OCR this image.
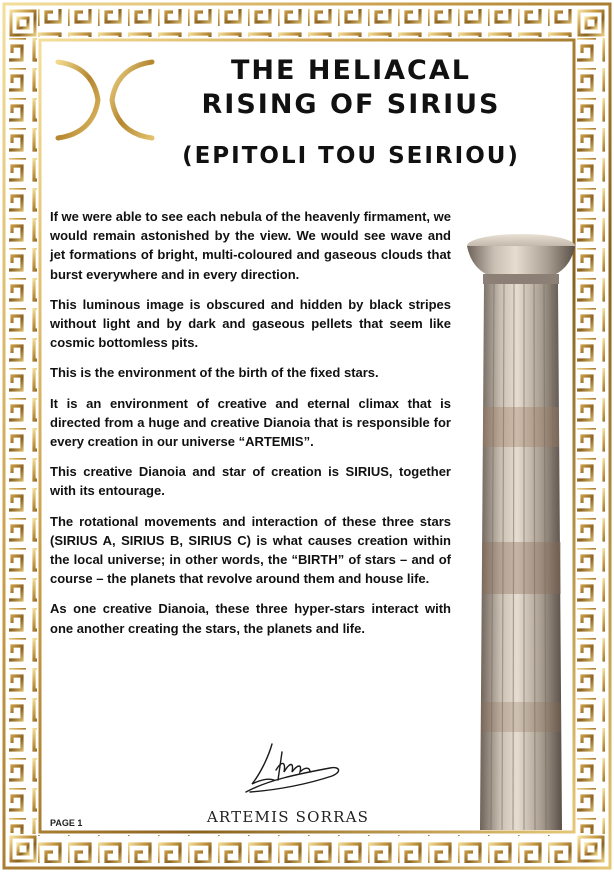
THE HELIACAL
RISING OF SIRIUS
(EPITOLI TOU SEIRIOU)

If we were able to see each nebula of the heavenly firmament, we would remain astonished by the view. We would see wave and jet formations of bright, multi-coloured and gaseous clouds that burst everywhere and in every direction.

This luminous image is obscured and hidden by black stripes without light and by dark and gaseous pellets that seem like cosmic bottomless pits.

This is the environment of the birth of the fixed stars.

It is an environment of creative and eternal climax that is directed from a huge and creative Dianoia that is responsible for every creation in our universe “ARTEMIS”.

This creative Dianoia and star of creation is SIRIUS, together with its entourage.

The rotational movements and interaction of these three stars (SIRIUS A, SIRIUS B, SIRIUS C) is what causes creation within the local universe; in other words, the “BIRTH” of stars – and of course – the planets that revolve around them and house life.

As one creative Dianoia, these three hyper-stars interact with one another creating the stars, the planets and life.

ARTEMIS SORRAS
PAGE 1
